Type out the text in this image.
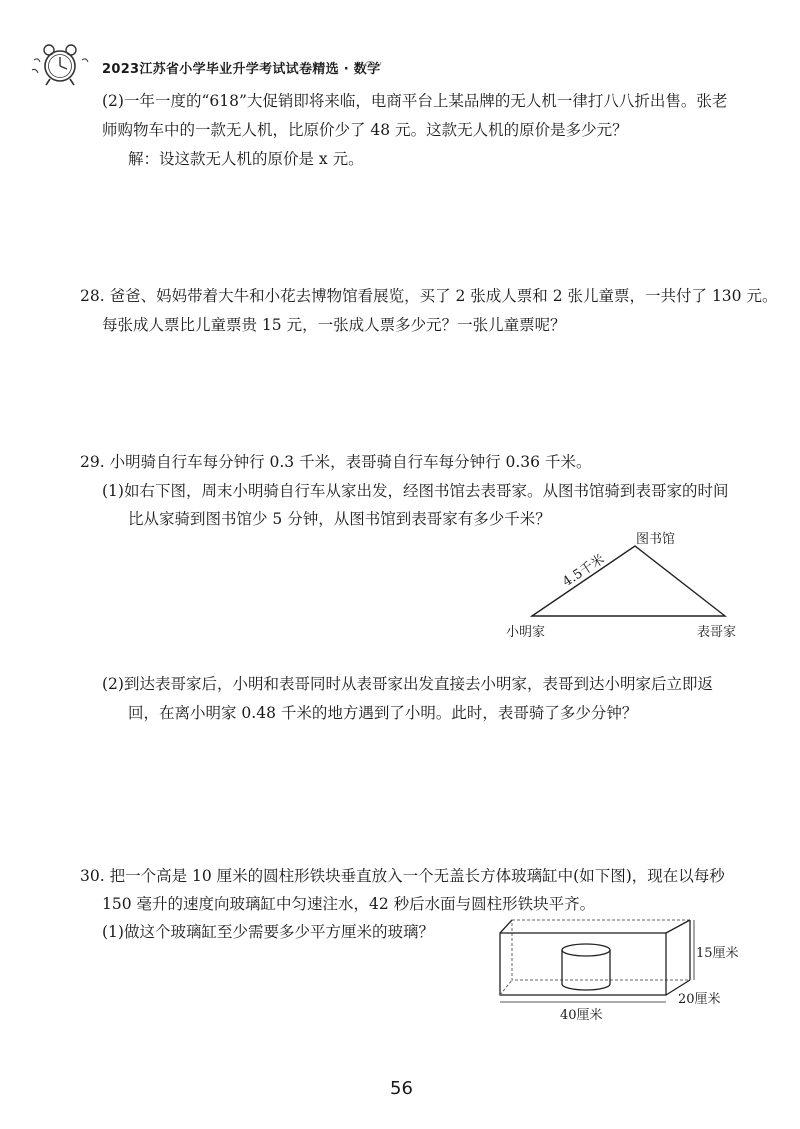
2023江苏省小学毕业升学考试试卷精选 · 数学
(2)一年一度的“618”大促销即将来临，电商平台上某品牌的无人机一律打八八折出售。张老
师购物车中的一款无人机，比原价少了 48 元。这款无人机的原价是多少元？
解：设这款无人机的原价是 x 元。
28. 爸爸、妈妈带着大牛和小花去博物馆看展览，买了 2 张成人票和 2 张儿童票，一共付了 130 元。
每张成人票比儿童票贵 15 元，一张成人票多少元？一张儿童票呢？
29. 小明骑自行车每分钟行 0.3 千米，表哥骑自行车每分钟行 0.36 千米。
(1)如右下图，周末小明骑自行车从家出发，经图书馆去表哥家。从图书馆骑到表哥家的时间
比从家骑到图书馆少 5 分钟，从图书馆到表哥家有多少千米？
图书馆
小明家	表哥家
4.5千米
(2)到达表哥家后，小明和表哥同时从表哥家出发直接去小明家，表哥到达小明家后立即返
回，在离小明家 0.48 千米的地方遇到了小明。此时，表哥骑了多少分钟？
30. 把一个高是 10 厘米的圆柱形铁块垂直放入一个无盖长方体玻璃缸中(如下图)，现在以每秒
150 毫升的速度向玻璃缸中匀速注水，42 秒后水面与圆柱形铁块平齐。
(1)做这个玻璃缸至少需要多少平方厘米的玻璃？
15厘米
20厘米
40厘米
56
